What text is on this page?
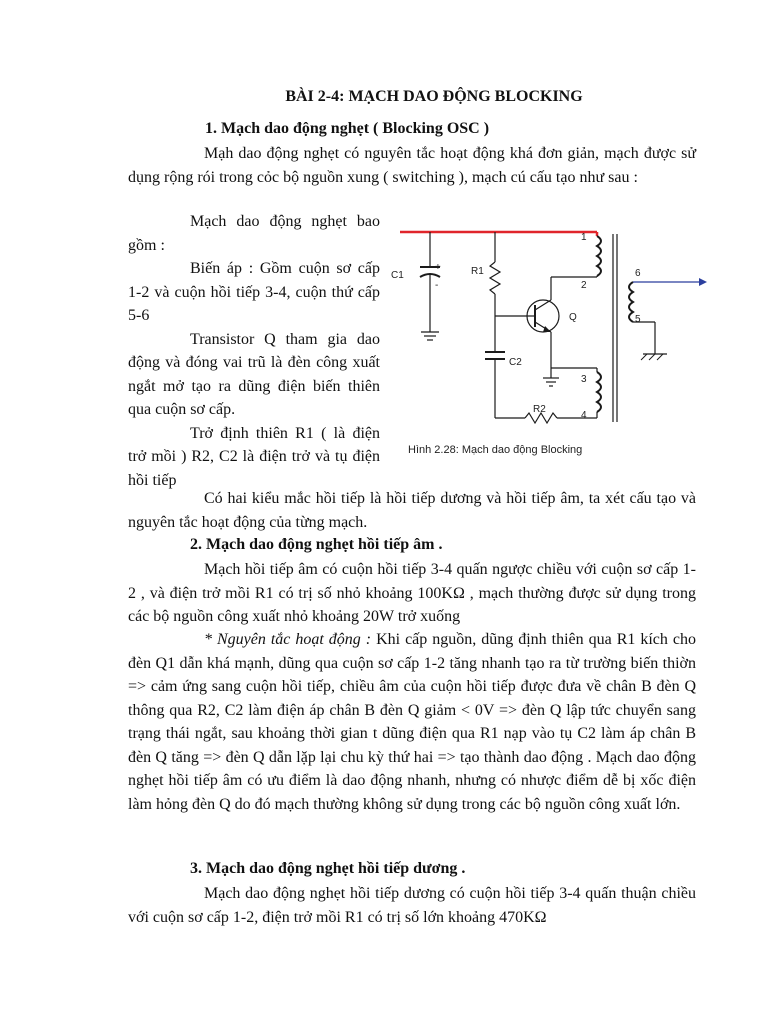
BÀI 2-4: MẠCH DAO ĐỘNG BLOCKING
1. Mạch dao động nghẹt ( Blocking OSC )

Mạh dao động nghẹt có nguyên tắc hoạt động khá đơn giản, mạch được sử dụng rộng rói trong cỏc bộ nguồn xung ( switching ), mạch cú cấu tạo như sau :

Mạch dao động nghẹt bao gồm :

Biến áp : Gồm cuộn sơ cấp 1-2 và cuộn hồi tiếp 3-4, cuộn thứ cấp 5-6

Transistor Q tham gia dao động và đóng vai trũ là đèn công xuất ngắt mở tạo ra dũng điện biến thiên qua cuộn sơ cấp.

Trở định thiên R1 ( là điện trở mồi ) R2, C2 là điện trở và tụ điện hồi tiếp

C1
+
-
R1
C2
Q
1
2
3
4
R2
6
5
Hình 2.28: Mạch dao động Blocking

Có hai kiểu mắc hồi tiếp là hồi tiếp dương và hồi tiếp âm, ta xét cấu tạo và nguyên tắc hoạt động của từng mạch.

2. Mạch dao động nghẹt hồi tiếp âm .

Mạch hồi tiếp âm có cuộn hồi tiếp 3-4 quấn ngược chiều với cuộn sơ cấp 1-2 , và điện trở mồi R1 có trị số nhỏ khoảng 100KΩ , mạch thường được sử dụng trong các bộ nguồn công xuất nhỏ khoảng 20W trở xuống

* Nguyên tắc hoạt động : Khi cấp nguồn, dũng định thiên qua R1 kích cho đèn Q1 dẫn khá mạnh, dũng qua cuộn sơ cấp 1-2 tăng nhanh tạo ra từ trường biến thiờn => cảm ứng sang cuộn hồi tiếp, chiều âm của cuộn hồi tiếp được đưa về chân B đèn Q thông qua R2, C2 làm điện áp chân B đèn Q giảm < 0V => đèn Q lập tức chuyển sang trạng thái ngắt, sau khoảng thời gian t dũng điện qua R1 nạp vào tụ C2 làm áp chân B đèn Q tăng => đèn Q dẫn lặp lại chu kỳ thứ hai => tạo thành dao động . Mạch dao động nghẹt hồi tiếp âm có ưu điểm là dao động nhanh, nhưng có nhược điểm dễ bị xốc điện làm hỏng đèn Q do đó mạch thường không sử dụng trong các bộ nguồn công xuất lớn.

3. Mạch dao động nghẹt hồi tiếp dương .

Mạch dao động nghẹt hồi tiếp dương có cuộn hồi tiếp 3-4 quấn thuận chiều với cuộn sơ cấp 1-2, điện trở mồi R1 có trị số lớn khoảng 470KΩ
